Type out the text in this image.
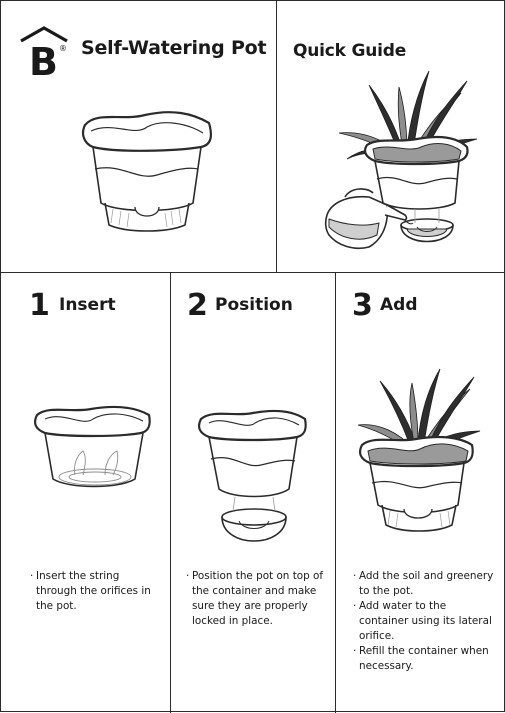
B ® Self-Watering Pot Quick Guide
1 Insert
· Insert the string through the orifices in the pot.
2 Position
· Position the pot on top of the container and make sure they are properly locked in place.
3 Add
· Add the soil and greenery to the pot.
· Add water to the container using its lateral orifice.
· Refill the container when necessary.
